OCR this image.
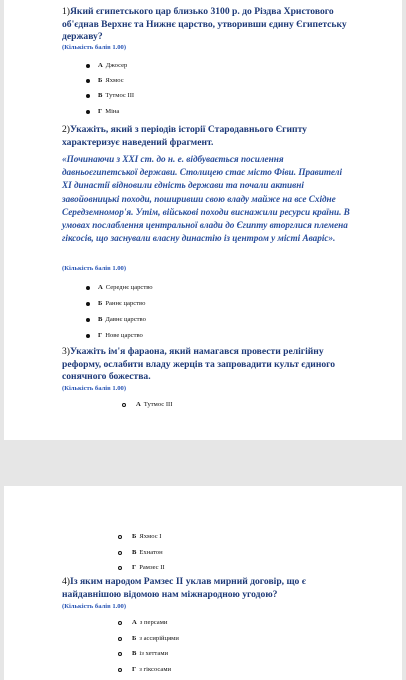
1)Який єгипетського цар близько 3100 р. до Різдва Христового об'єднав Верхнє та Нижнє царство, утворивши єдину Єгипетську державу?
(Кількість балів 1.00)
А Джосер
Б Яхмос
В Тутмос ІІІ
Г Міна
2)Укажіть, який з періодів історії Стародавнього Єгипту характеризує наведений фрагмент.
«Починаючи з XXI ст. до н. е. відбувається посилення давньоєгипетської держави. Столицею стає місто Фіви. Правителі XI династії відновили єдність держави та почали активні завойовницькі походи, поширивши свою владу майже на все Східне Середземномор'я. Утім, військові походи виснажили ресурси країни. В умовах послаблення центральної влади до Єгипту вторглися племена гіксосів, що заснували власну династію із центром у місті Аваріс».
(Кількість балів 1.00)
А Середнє царство
Б Раннє царство
В Давнє царство
Г Нове царство
3)Укажіть ім'я фараона, який намагався провести релігійну реформу, ослабити владу жерців та запровадити культ єдиного сонячного божества.
(Кількість балів 1.00)
А Тутмос ІІІ
Б Яхмос І
В Ехнатон
Г Рамзес ІІ
4)Із яким народом Рамзес ІІ уклав мирний договір, що є найдавнішою відомою нам міжнародною угодою?
(Кількість балів 1.00)
А з персами
Б з ассирійцями
В із хеттами
Г з гіксосами
